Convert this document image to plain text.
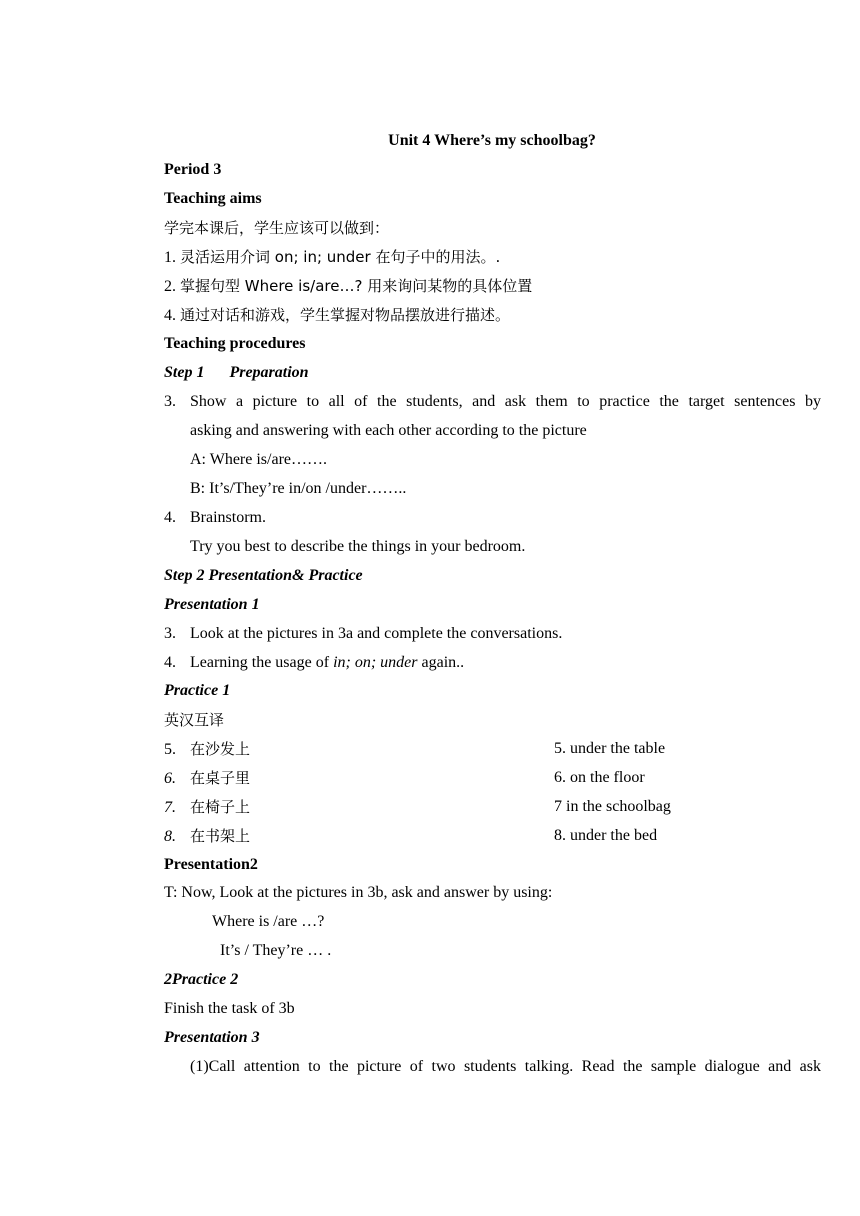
Unit 4 Where’s my schoolbag?
Period 3
Teaching aims
学完本课后，学生应该可以做到：
1. 灵活运用介词 on; in; under 在句子中的用法。.
2. 掌握句型 Where is/are…? 用来询问某物的具体位置
4. 通过对话和游戏，学生掌握对物品摆放进行描述。
Teaching procedures
Step 1 Preparation
3. Show a picture to all of the students, and ask them to practice the target sentences by
asking and answering with each other according to the picture
A: Where is/are…….
B: It’s/They’re in/on /under……..
4. Brainstorm.
Try you best to describe the things in your bedroom.
Step 2 Presentation& Practice
Presentation 1
3. Look at the pictures in 3a and complete the conversations.
4. Learning the usage of in; on; under again..
Practice 1
英汉互译
5. 在沙发上	5. under the table
6. 在桌子里	6. on the floor
7. 在椅子上	7 in the schoolbag
8. 在书架上	8. under the bed
Presentation2
T: Now, Look at the pictures in 3b, ask and answer by using:
Where is /are …?
It’s / They’re … .
2Practice 2
Finish the task of 3b
Presentation 3
(1)Call attention to the picture of two students talking. Read the sample dialogue and ask
